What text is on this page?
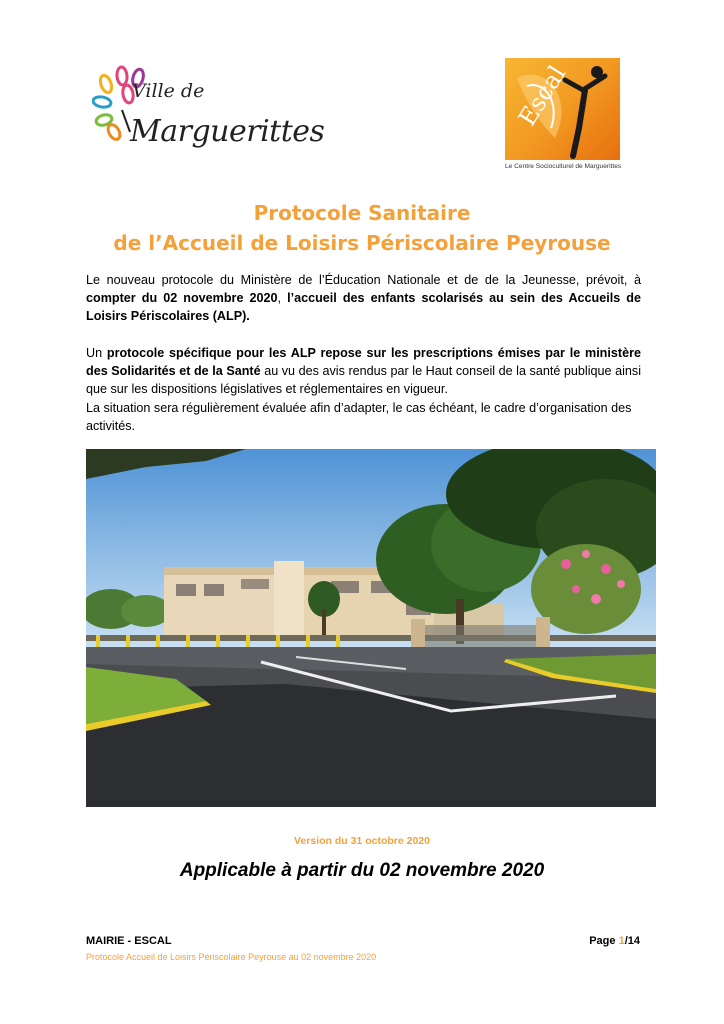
Ville de
Marguerittes
Escal
Le Centre Socioculturel de Marguerittes
Protocole Sanitaire
de l’Accueil de Loisirs Périscolaire Peyrouse
Le nouveau protocole du Ministère de l’Éducation Nationale et de de la Jeunesse, prévoit, à compter du 02 novembre 2020, l’accueil des enfants scolarisés au sein des Accueils de Loisirs Périscolaires (ALP).
Un protocole spécifique pour les ALP repose sur les prescriptions émises par le ministère des Solidarités et de la Santé au vu des avis rendus par le Haut conseil de la santé publique ainsi que sur les dispositions législatives et réglementaires en vigueur.
La situation sera régulièrement évaluée afin d’adapter, le cas échéant, le cadre d’organisation des activités.
Version du 31 octobre 2020
Applicable à partir du 02 novembre 2020
MAIRIE - ESCAL	Page 1/14
Protocole Accueil de Loisirs Périscolaire Peyrouse au 02 novembre 2020
